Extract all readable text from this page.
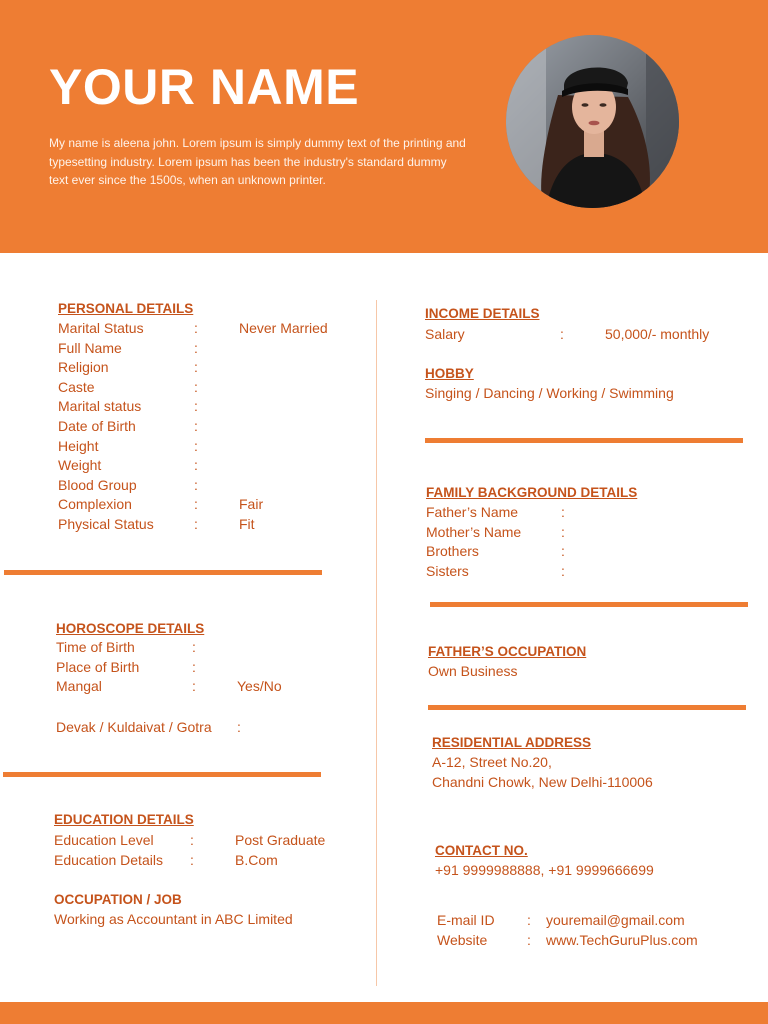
YOUR NAME
My name is aleena john. Lorem ipsum is simply dummy text of the printing and typesetting industry. Lorem ipsum has been the industry's standard dummy text ever since the 1500s, when an unknown printer.
PERSONAL DETAILS
Marital Status	:	Never Married
Full Name	:
Religion	:
Caste	:
Marital status	:
Date of Birth	:
Height	:
Weight	:
Blood Group	:
Complexion	:	Fair
Physical Status	:	Fit
HOROSCOPE DETAILS
Time of Birth	:
Place of Birth	:
Mangal	:	Yes/No
Devak / Kuldaivat / Gotra :
EDUCATION DETAILS
Education Level	:	Post Graduate
Education Details :	B.Com
OCCUPATION / JOB
Working as Accountant in ABC Limited
INCOME DETAILS
Salary	:	50,000/- monthly
HOBBY
Singing / Dancing / Working / Swimming
FAMILY BACKGROUND DETAILS
Father’s Name	:
Mother’s Name	:
Brothers	:
Sisters	:
FATHER’S OCCUPATION
Own Business
RESIDENTIAL ADDRESS
A-12, Street No.20,
Chandni Chowk, New Delhi-110006
CONTACT NO.
+91 9999988888, +91 9999666699
E-mail ID : youremail@gmail.com
Website	: www.TechGuruPlus.com
